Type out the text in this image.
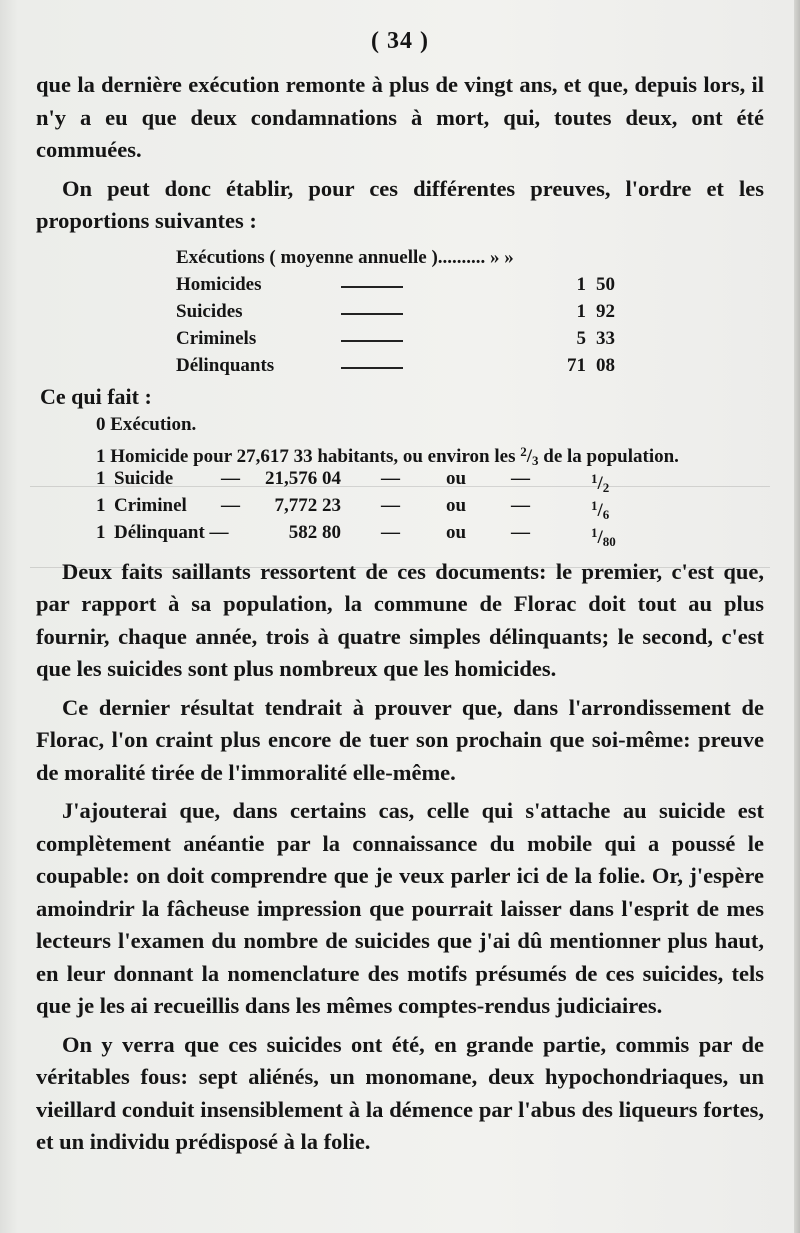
( 34 )

que la dernière exécution remonte à plus de vingt ans, et que, depuis lors, il n'y a eu que deux condamnations à mort, qui, toutes deux, ont été commuées.

On peut donc établir, pour ces différentes preuves, l'ordre et les proportions suivantes :

Exécutions ( moyenne annuelle ).......... » »
Homicides	1 50
Suicides	1 92
Criminels	5 33
Délinquants	71 08
Ce qui fait :
0 Exécution.
1 Homicide pour 27,617 33 habitants, ou environ les $^2/_3$ de la population.
1 Suicide	— 21,576 04 — ou —	$^1/_2$
1 Criminel —	7,772 23 — ou —	$^1/_6$
1 Délinquant —	582 80 — ou —	$^1/_{80}$

Deux faits saillants ressortent de ces documents: le premier, c'est que, par rapport à sa population, la commune de Florac doit tout au plus fournir, chaque année, trois à quatre simples délinquants; le second, c'est que les suicides sont plus nombreux que les homicides.

Ce dernier résultat tendrait à prouver que, dans l'arrondissement de Florac, l'on craint plus encore de tuer son prochain que soi-même: preuve de moralité tirée de l'immoralité elle-même.

J'ajouterai que, dans certains cas, celle qui s'attache au suicide est complètement anéantie par la connaissance du mobile qui a poussé le coupable: on doit comprendre que je veux parler ici de la folie. Or, j'espère amoindrir la fâcheuse impression que pourrait laisser dans l'esprit de mes lecteurs l'examen du nombre de suicides que j'ai dû mentionner plus haut, en leur donnant la nomenclature des motifs présumés de ces suicides, tels que je les ai recueillis dans les mêmes comptes-rendus judiciaires.

On y verra que ces suicides ont été, en grande partie, commis par de véritables fous: sept aliénés, un monomane, deux hypochondriaques, un vieillard conduit insensiblement à la démence par l'abus des liqueurs fortes, et un individu prédisposé à la folie.
